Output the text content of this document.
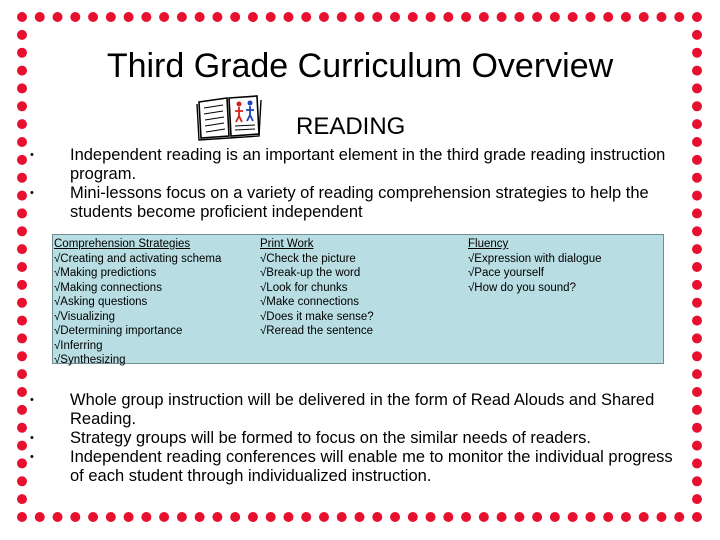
Third Grade Curriculum Overview
READING
• Independent reading is an important element in the third grade reading instruction program.
• Mini-lessons focus on a variety of reading comprehension strategies to help the students become proficient independent
Comprehension Strategies
√Creating and activating schema
√Making predictions
√Making connections
√Asking questions
√Visualizing
√Determining importance
√Inferring
√Synthesizing
Print Work
√Check the picture
√Break-up the word
√Look for chunks
√Make connections
√Does it make sense?
√Reread the sentence
Fluency
√Expression with dialogue
√Pace yourself
√How do you sound?
• Whole group instruction will be delivered in the form of Read Alouds and Shared Reading.
• Strategy groups will be formed to focus on the similar needs of readers.
• Independent reading conferences will enable me to monitor the individual progress of each student through individualized instruction.
